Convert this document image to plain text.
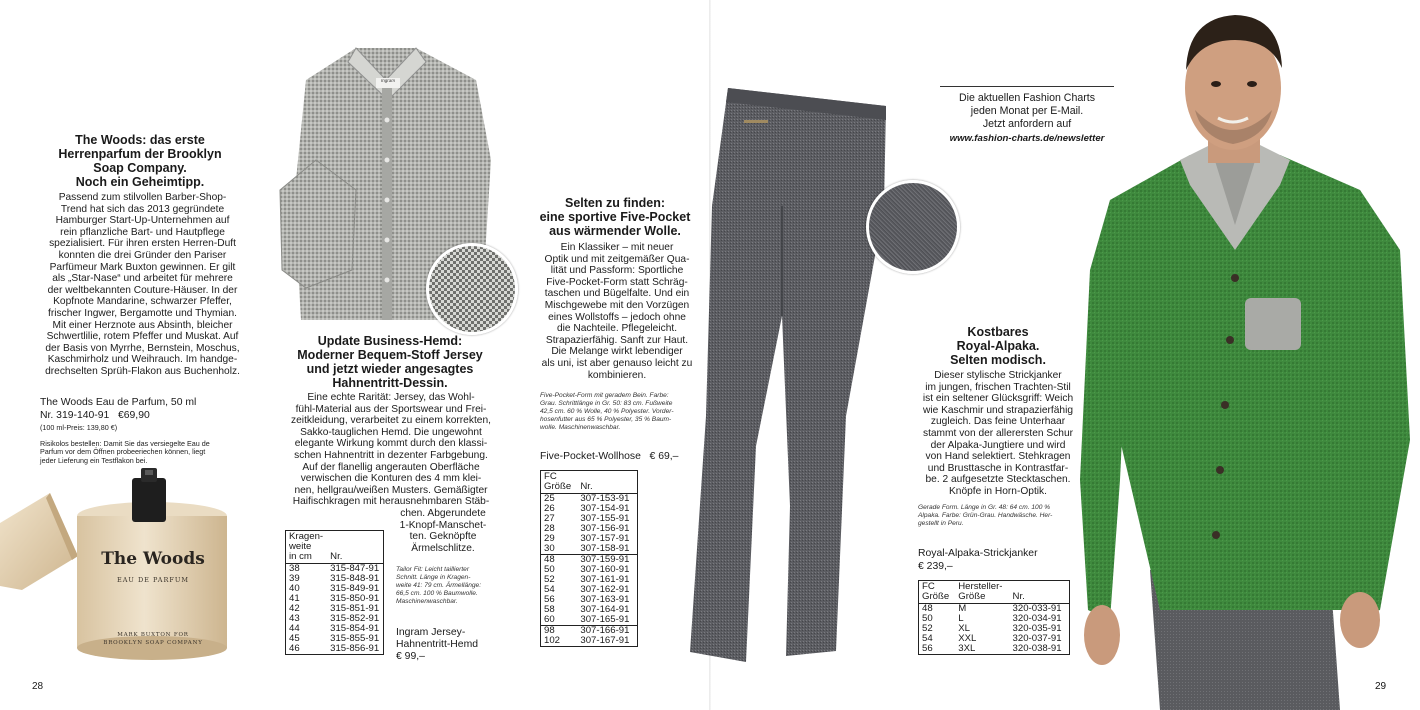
The Woods: das erste
Herrenparfum der Brooklyn
Soap Company.
Noch ein Geheimtipp.
Passend zum stilvollen Barber-Shop-
Trend hat sich das 2013 gegründete
Hamburger Start-Up-Unternehmen auf
rein pflanzliche Bart- und Hautpflege
spezialisiert. Für ihren ersten Herren-Duft
konnten die drei Gründer den Pariser
Parfümeur Mark Buxton gewinnen. Er gilt
als „Star-Nase“ und arbeitet für mehrere
der weltbekannten Couture-Häuser. In der
Kopfnote Mandarine, schwarzer Pfeffer,
frischer Ingwer, Bergamotte und Thymian.
Mit einer Herznote aus Absinth, bleicher
Schwertlilie, rotem Pfeffer und Muskat. Auf
der Basis von Myrrhe, Bernstein, Moschus,
Kaschmirholz und Weihrauch. Im handge-
drechselten Sprüh-Flakon aus Buchenholz.
The Woods Eau de Parfum, 50 ml
Nr. 319-140-91   €69,90
(100 ml-Preis: 139,80 €)
Risikolos bestellen: Damit Sie das versiegelte Eau de
Parfum vor dem Öffnen probeeriechen können, liegt
jeder Lieferung ein Testflakon bei.
The Woods
EAU DE PARFUM
MARK BUXTON FOR
BROOKLYN SOAP COMPANY
28
Ingram
Update Business-Hemd:
Moderner Bequem-Stoff Jersey
und jetzt wieder angesagtes
Hahnentritt-Dessin.
Eine echte Rarität: Jersey, das Wohl-
fühl-Material aus der Sportswear und Frei-
zeitkleidung, verarbeitet zu einem korrekten,
Sakko-tauglichen Hemd. Die ungewohnt
elegante Wirkung kommt durch den klassi-
schen Hahnentritt in dezenter Farbgebung.
Auf der flanellig angerauten Oberfläche
verwischen die Konturen des 4 mm klei-
nen, hellgrau/weißen Musters. Gemäßigter
Haifischkragen mit herausnehmbaren Stäb-
chen. Abgerundete
1-Knopf-Manschet-
ten. Geknöpfte
Ärmelschlitze.
Tailor Fit: Leicht taillierter
Schnitt. Länge in Kragen-
weite 41: 79 cm. Ärmellänge:
66,5 cm. 100 % Baumwolle.
Maschinenwaschbar.
Kragen-
weite
in cm	Nr.
38	315-847-91
39	315-848-91
40	315-849-91
41	315-850-91
42	315-851-91
43	315-852-91
44	315-854-91
45	315-855-91
46	315-856-91
Ingram Jersey-
Hahnentritt-Hemd
€ 99,–
Selten zu finden:
eine sportive Five-Pocket
aus wärmender Wolle.
Ein Klassiker – mit neuer
Optik und mit zeitgemäßer Qua-
lität und Passform: Sportliche
Five-Pocket-Form statt Schräg-
taschen und Bügelfalte. Und ein
Mischgewebe mit den Vorzügen
eines Wollstoffs – jedoch ohne
die Nachteile. Pflegeleicht.
Strapazierfähig. Sanft zur Haut.
Die Melange wirkt lebendiger
als uni, ist aber genauso leicht zu
kombinieren.
Five-Pocket-Form mit geradem Bein. Farbe:
Grau. Schrittlänge in Gr. 50: 83 cm. Fußweite
42,5 cm. 60 % Wolle, 40 % Polyester. Vorder-
hosenfutter aus 65 % Polyester, 35 % Baum-
wolle. Maschinenwaschbar.
Five-Pocket-Wollhose   € 69,–
FC
Größe	Nr.
25	307-153-91
26	307-154-91
27	307-155-91
28	307-156-91
29	307-157-91
30	307-158-91
48	307-159-91
50	307-160-91
52	307-161-91
54	307-162-91
56	307-163-91
58	307-164-91
60	307-165-91
98	307-166-91
102	307-167-91
Die aktuellen Fashion Charts
jeden Monat per E-Mail.
Jetzt anfordern auf
www.fashion-charts.de/newsletter
Kostbares
Royal-Alpaka.
Selten modisch.
Dieser stylische Strickjanker
im jungen, frischen Trachten-Stil
ist ein seltener Glücksgriff: Weich
wie Kaschmir und strapazierfähig
zugleich. Das feine Unterhaar
stammt von der allerersten Schur
der Alpaka-Jungtiere und wird
von Hand selektiert. Stehkragen
und Brusttasche in Kontrastfar-
be. 2 aufgesetzte Stecktaschen.
Knöpfe in Horn-Optik.
Gerade Form. Länge in Gr. 48: 64 cm. 100 %
Alpaka. Farbe: Grün-Grau. Handwäsche. Her-
gestellt in Peru.
Royal-Alpaka-Strickjanker
€ 239,–
FC
Größe	Hersteller-
Größe	Nr.
48	M	320-033-91
50	L	320-034-91
52	XL	320-035-91
54	XXL	320-037-91
56	3XL	320-038-91
29
